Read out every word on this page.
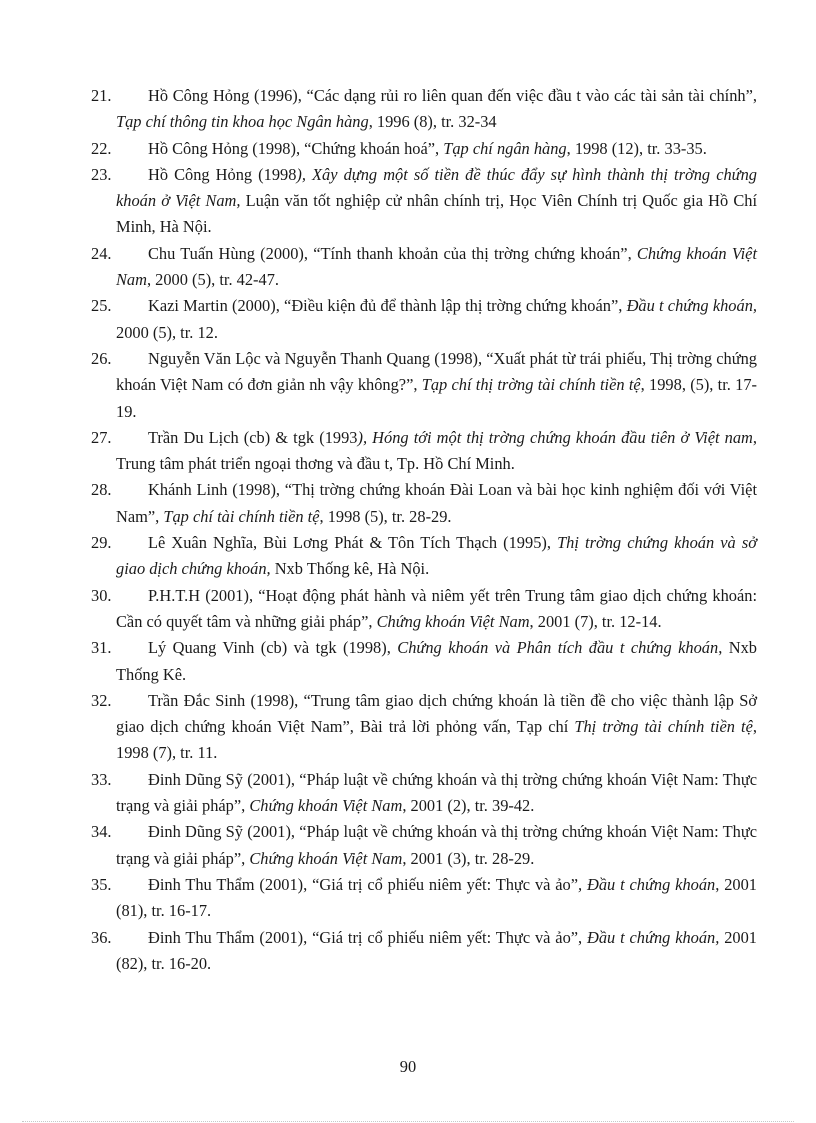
21. Hồ Công Hỏng (1996), “Các dạng rủi ro liên quan đến việc đầu t vào các tài sản tài chính”, Tạp chí thông tin khoa học Ngân hàng, 1996 (8), tr. 32-34
22. Hồ Công Hỏng (1998), “Chứng khoán hoá”, Tạp chí ngân hàng, 1998 (12), tr. 33-35.
23. Hồ Công Hỏng (1998), Xây dựng một số tiền đề thúc đẩy sự hình thành thị trờng chứng khoán ở Việt Nam, Luận văn tốt nghiệp cử nhân chính trị, Học Viên Chính trị Quốc gia Hồ Chí Minh, Hà Nội.
24. Chu Tuấn Hùng (2000), “Tính thanh khoản của thị trờng chứng khoán”, Chứng khoán Việt Nam, 2000 (5), tr. 42-47.
25. Kazi Martin (2000), “Điều kiện đủ để thành lập thị trờng chứng khoán”, Đầu t chứng khoán, 2000 (5), tr. 12.
26. Nguyễn Văn Lộc và Nguyễn Thanh Quang (1998), “Xuất phát từ trái phiếu, Thị trờng chứng khoán Việt Nam có đơn giản nh vậy không?”, Tạp chí thị trờng tài chính tiền tệ, 1998, (5), tr. 17-19.
27. Trần Du Lịch (cb) & tgk (1993), Hóng tới một thị trờng chứng khoán đầu tiên ở Việt nam, Trung tâm phát triển ngoại thơng và đầu t, Tp. Hồ Chí Minh.
28. Khánh Linh (1998), “Thị trờng chứng khoán Đài Loan và bài học kinh nghiệm đối với Việt Nam”, Tạp chí tài chính tiền tệ, 1998 (5), tr. 28-29.
29. Lê Xuân Nghĩa, Bùi Lơng Phát & Tôn Tích Thạch (1995), Thị trờng chứng khoán và sở giao dịch chứng khoán, Nxb Thống kê, Hà Nội.
30. P.H.T.H (2001), “Hoạt động phát hành và niêm yết trên Trung tâm giao dịch chứng khoán: Cần có quyết tâm và những giải pháp”, Chứng khoán Việt Nam, 2001 (7), tr. 12-14.
31. Lý Quang Vinh (cb) và tgk (1998), Chứng khoán và Phân tích đầu t chứng khoán, Nxb Thống Kê.
32. Trần Đắc Sinh (1998), “Trung tâm giao dịch chứng khoán là tiền đề cho việc thành lập Sở giao dịch chứng khoán Việt Nam”, Bài trả lời phỏng vấn, Tạp chí Thị trờng tài chính tiền tệ, 1998 (7), tr. 11.
33. Đinh Dũng Sỹ (2001), “Pháp luật về chứng khoán và thị trờng chứng khoán Việt Nam: Thực trạng và giải pháp”, Chứng khoán Việt Nam, 2001 (2), tr. 39-42.
34. Đinh Dũng Sỹ (2001), “Pháp luật về chứng khoán và thị trờng chứng khoán Việt Nam: Thực trạng và giải pháp”, Chứng khoán Việt Nam, 2001 (3), tr. 28-29.
35. Đinh Thu Thẩm (2001), “Giá trị cổ phiếu niêm yết: Thực và ảo”, Đầu t chứng khoán, 2001 (81), tr. 16-17.
36. Đinh Thu Thẩm (2001), “Giá trị cổ phiếu niêm yết: Thực và ảo”, Đầu t chứng khoán, 2001 (82), tr. 16-20.
90
